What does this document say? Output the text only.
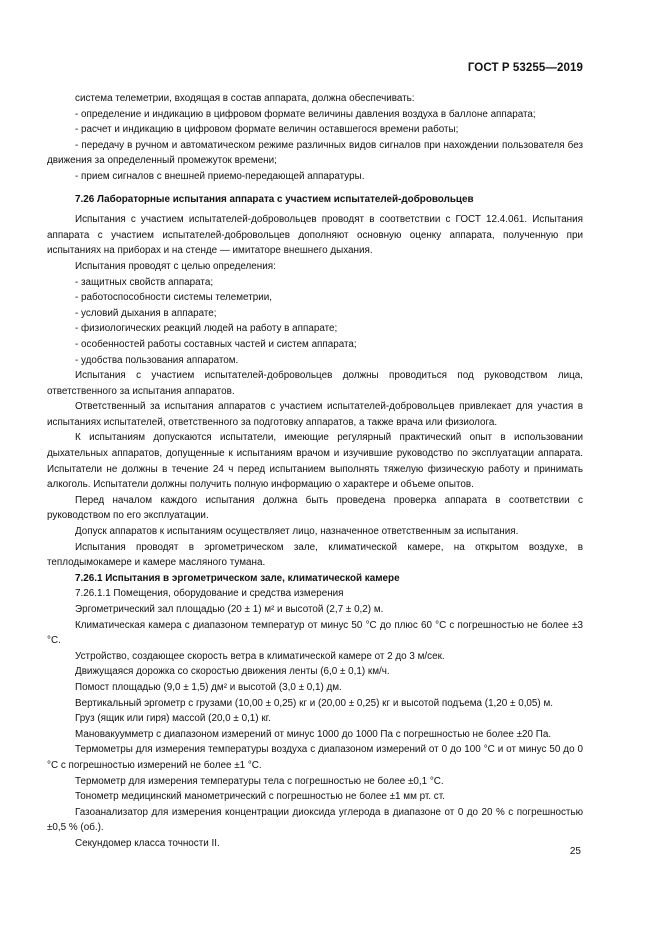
ГОСТ Р 53255—2019

система телеметрии, входящая в состав аппарата, должна обеспечивать:

- определение и индикацию в цифровом формате величины давления воздуха в баллоне аппарата;

- расчет и индикацию в цифровом формате величин оставшегося времени работы;

- передачу в ручном и автоматическом режиме различных видов сигналов при нахождении пользователя без движения за определенный промежуток времени;

- прием сигналов с внешней приемо-передающей аппаратуры.

7.26 Лабораторные испытания аппарата с участием испытателей-добровольцев

Испытания с участием испытателей-добровольцев проводят в соответствии с ГОСТ 12.4.061. Испытания аппарата с участием испытателей-добровольцев дополняют основную оценку аппарата, полученную при испытаниях на приборах и на стенде — имитаторе внешнего дыхания.

Испытания проводят с целью определения:

- защитных свойств аппарата;

- работоспособности системы телеметрии,

- условий дыхания в аппарате;

- физиологических реакций людей на работу в аппарате;

- особенностей работы составных частей и систем аппарата;

- удобства пользования аппаратом.

Испытания с участием испытателей-добровольцев должны проводиться под руководством лица, ответственного за испытания аппаратов.

Ответственный за испытания аппаратов с участием испытателей-добровольцев привлекает для участия в испытаниях испытателей, ответственного за подготовку аппаратов, а также врача или физиолога.

К испытаниям допускаются испытатели, имеющие регулярный практический опыт в использовании дыхательных аппаратов, допущенные к испытаниям врачом и изучившие руководство по эксплуатации аппарата. Испытатели не должны в течение 24 ч перед испытанием выполнять тяжелую физическую работу и принимать алкоголь. Испытатели должны получить полную информацию о характере и объеме опытов.

Перед началом каждого испытания должна быть проведена проверка аппарата в соответствии с руководством по его эксплуатации.

Допуск аппаратов к испытаниям осуществляет лицо, назначенное ответственным за испытания.

Испытания проводят в эргометрическом зале, климатической камере, на открытом воздухе, в теплодымокамере и камере масляного тумана.

7.26.1 Испытания в эргометрическом зале, климатической камере

7.26.1.1 Помещения, оборудование и средства измерения

Эргометрический зал площадью (20 ± 1) м² и высотой (2,7 ± 0,2) м.

Климатическая камера с диапазоном температур от минус 50 °С до плюс 60 °С с погрешностью не более ±3 °С.

Устройство, создающее скорость ветра в климатической камере от 2 до 3 м/сек.

Движущаяся дорожка со скоростью движения ленты (6,0 ± 0,1) км/ч.

Помост площадью (9,0 ± 1,5) дм² и высотой (3,0 ± 0,1) дм.

Вертикальный эргометр с грузами (10,00 ± 0,25) кг и (20,00 ± 0,25) кг и высотой подъема (1,20 ± 0,05) м.

Груз (ящик или гиря) массой (20,0 ± 0,1) кг.

Мановакуумметр с диапазоном измерений от минус 1000 до 1000 Па с погрешностью не более ±20 Па.

Термометры для измерения температуры воздуха с диапазоном измерений от 0 до 100 °С и от минус 50 до 0 °С с погрешностью измерений не более ±1 °С.

Термометр для измерения температуры тела с погрешностью не более ±0,1 °С.

Тонометр медицинский манометрический с погрешностью не более ±1 мм рт. ст.

Газоанализатор для измерения концентрации диоксида углерода в диапазоне от 0 до 20 % с погрешностью ±0,5 % (об.).

Секундомер класса точности II.

25
